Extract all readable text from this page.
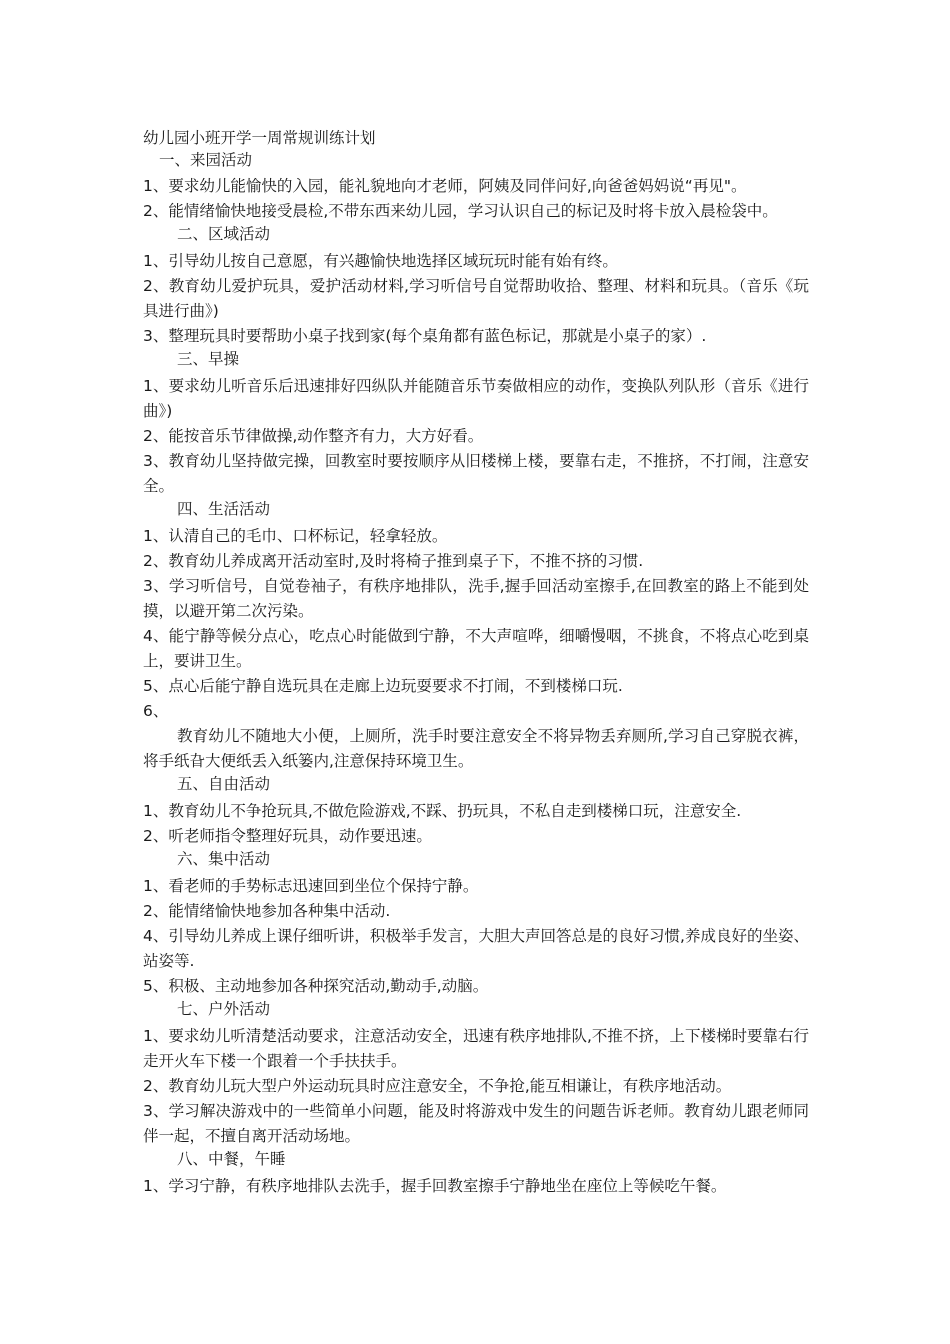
幼儿园小班开学一周常规训练计划
一、来园活动

1、要求幼儿能愉快的入园，能礼貌地向才老师，阿姨及同伴问好,向爸爸妈妈说“再见"。

2、能情绪愉快地接受晨检,不带东西来幼儿园，学习认识自己的标记及时将卡放入晨检袋中。

二、区域活动

1、引导幼儿按自己意愿，有兴趣愉快地选择区域玩玩时能有始有终。

2、教育幼儿爱护玩具，爱护活动材料,学习听信号自觉帮助收拾、整理、材料和玩具。（音乐《玩具进行曲》)

3、整理玩具时要帮助小桌子找到家(每个桌角都有蓝色标记，那就是小桌子的家）.

三、早操

1、要求幼儿听音乐后迅速排好四纵队并能随音乐节奏做相应的动作，变换队列队形（音乐《进行曲》)

2、能按音乐节律做操,动作整齐有力，大方好看。

3、教育幼儿坚持做完操，回教室时要按顺序从旧楼梯上楼，要靠右走，不推挤，不打闹，注意安全。

四、生活活动

1、认清自己的毛巾、口杯标记，轻拿轻放。

2、教育幼儿养成离开活动室时,及时将椅子推到桌子下，不推不挤的习惯.

3、学习听信号，自觉卷袖子，有秩序地排队，洗手,握手回活动室擦手,在回教室的路上不能到处摸，以避开第二次污染。

4、能宁静等候分点心，吃点心时能做到宁静，不大声喧哗，细嚼慢咽，不挑食，不将点心吃到桌上，要讲卫生。

5、点心后能宁静自选玩具在走廊上边玩耍要求不打闹，不到楼梯口玩.

6、

教育幼儿不随地大小便，上厕所，洗手时要注意安全不将异物丢弃厕所,学习自己穿脱衣裤，将手纸旮大便纸丢入纸篓内,注意保持环境卫生。

五、自由活动

1、教育幼儿不争抢玩具,不做危险游戏,不踩、扔玩具，不私自走到楼梯口玩，注意安全.

2、听老师指令整理好玩具，动作要迅速。

六、集中活动

1、看老师的手势标志迅速回到坐位个保持宁静。

2、能情绪愉快地参加各种集中活动.

4、引导幼儿养成上课仔细听讲，积极举手发言，大胆大声回答总是的良好习惯,养成良好的坐姿、站姿等.

5、积极、主动地参加各种探究活动,勤动手,动脑。

七、户外活动

1、要求幼儿听清楚活动要求，注意活动安全，迅速有秩序地排队,不推不挤，上下楼梯时要靠右行走开火车下楼一个跟着一个手扶扶手。

2、教育幼儿玩大型户外运动玩具时应注意安全，不争抢,能互相谦让，有秩序地活动。

3、学习解决游戏中的一些简单小问题，能及时将游戏中发生的问题告诉老师。教育幼儿跟老师同伴一起，不擅自离开活动场地。

八、中餐，午睡

1、学习宁静，有秩序地排队去洗手，握手回教室擦手宁静地坐在座位上等候吃午餐。
